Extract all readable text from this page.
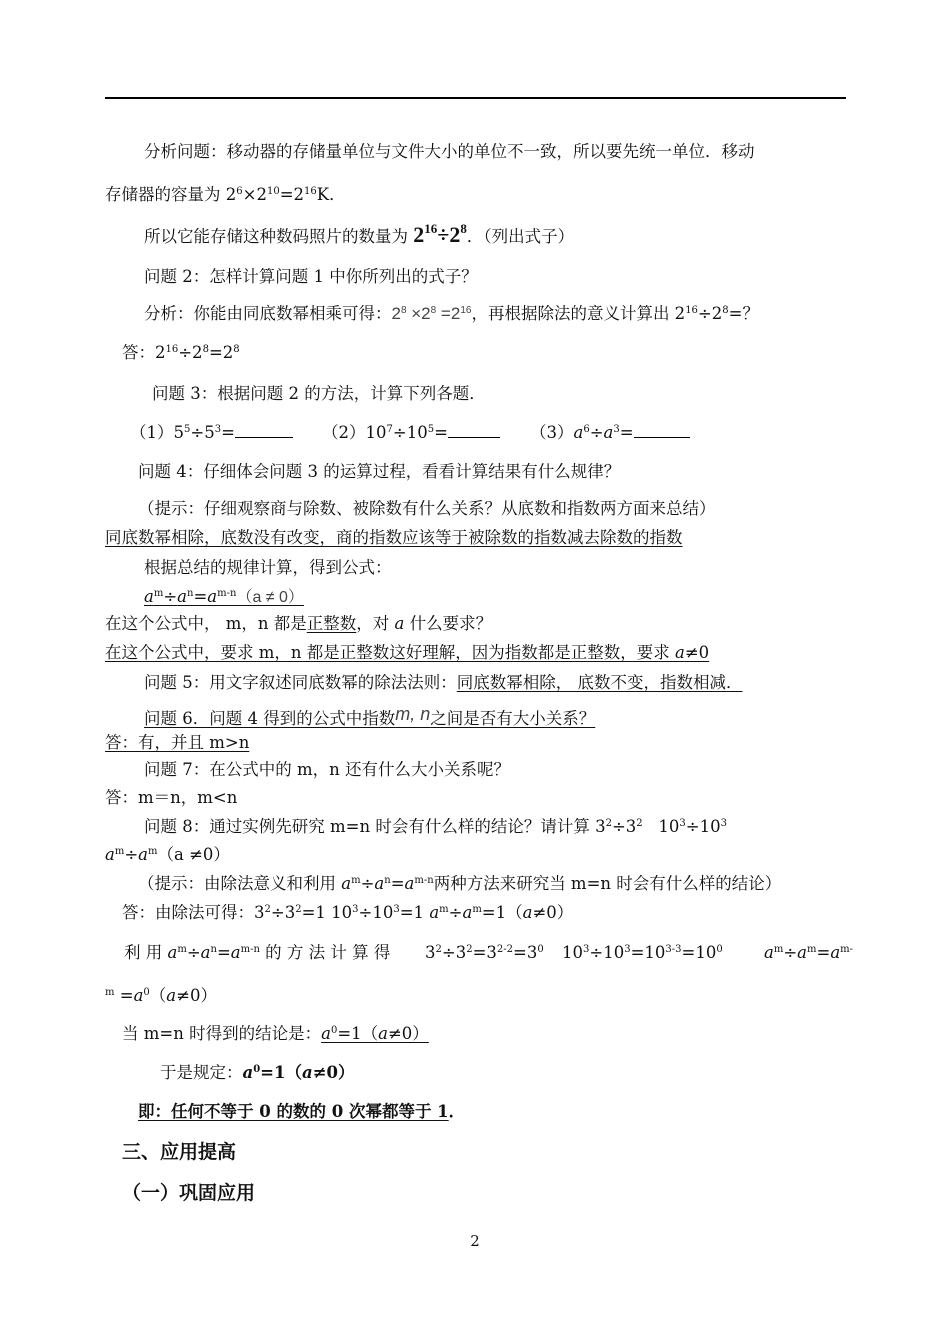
分析问题：移动器的存储量单位与文件大小的单位不一致，所以要先统一单位．移动
存储器的容量为 $2^6\times 2^{10}=2^{16}K$．
所以它能存储这种数码照片的数量为 $2^{16}\div 2^8$．（列出式子）
问题 2：怎样计算问题 1 中你所列出的式子？
分析：你能由同底数幂相乘可得：$2^8 \times 2^8 =2^{16}$，再根据除法的意义计算出 $2^{16}\div 2^8=$？
答：$2^{16}\div 2^8=2^8$
问题 3：根据问题 2 的方法，计算下列各题．
$(1)5^5\div 5^3=$	$(2)10^7\div 10^5=$	$(3)a^6\div a^3=$
问题 4：仔细体会问题 3 的运算过程，看看计算结果有什么规律？
（提示：仔细观察商与除数、被除数有什么关系？从底数和指数两方面来总结）
同底数幂相除，底数没有改变，商的指数应该等于被除数的指数减去除数的指数
根据总结的规律计算，得到公式：
$a^m\div a^n=a^{m-n}(a \ne 0)$
在这个公式中， m，n 都是正整数，对 a 什么要求？
在这个公式中，要求 m，n 都是正整数这好理解，因为指数都是正整数，要求 a≠0
问题 5：用文字叙述同底数幂的除法法则：同底数幂相除， 底数不变，指数相减．
问题 6．问题 4 得到的公式中指数m, n之间是否有大小关系？
答：有，并且 m>n
问题 7：在公式中的 m，n 还有什么大小关系呢？
答：m＝n，m<n
问题 8：通过实例先研究 m=n 时会有什么样的结论？请计算 $3^2\div 3^2$ $10^3\div 10^3$
$a^m\div a^m(a \ne 0)$
（提示：由除法意义和利用 $a^m\div a^n=a^{m-n}$两种方法来研究当 m=n 时会有什么样的结论）
答：由除法可得：$3^2\div 3^2=1$ $10^3\div 10^3=1$ $a^m\div a^m=1(a\ne 0)$
利 用 $a^m\div a^n=a^{m-n}$ 的 方 法 计 算 得 $3^2\div 3^2=3^{2-2}=3^0$ $10^3\div 10^3=10^{3-3}=10^0$	$a^m\div a^m=a^{m-}$
$^m =a^0(a\ne 0)$
当 m=n 时得到的结论是：$a^0=1(a\ne 0)$
于是规定：$a^0=1(a\ne 0)$
即：任何不等于 0 的数的 0 次幂都等于 1．
三、应用提高
（一）巩固应用
2
